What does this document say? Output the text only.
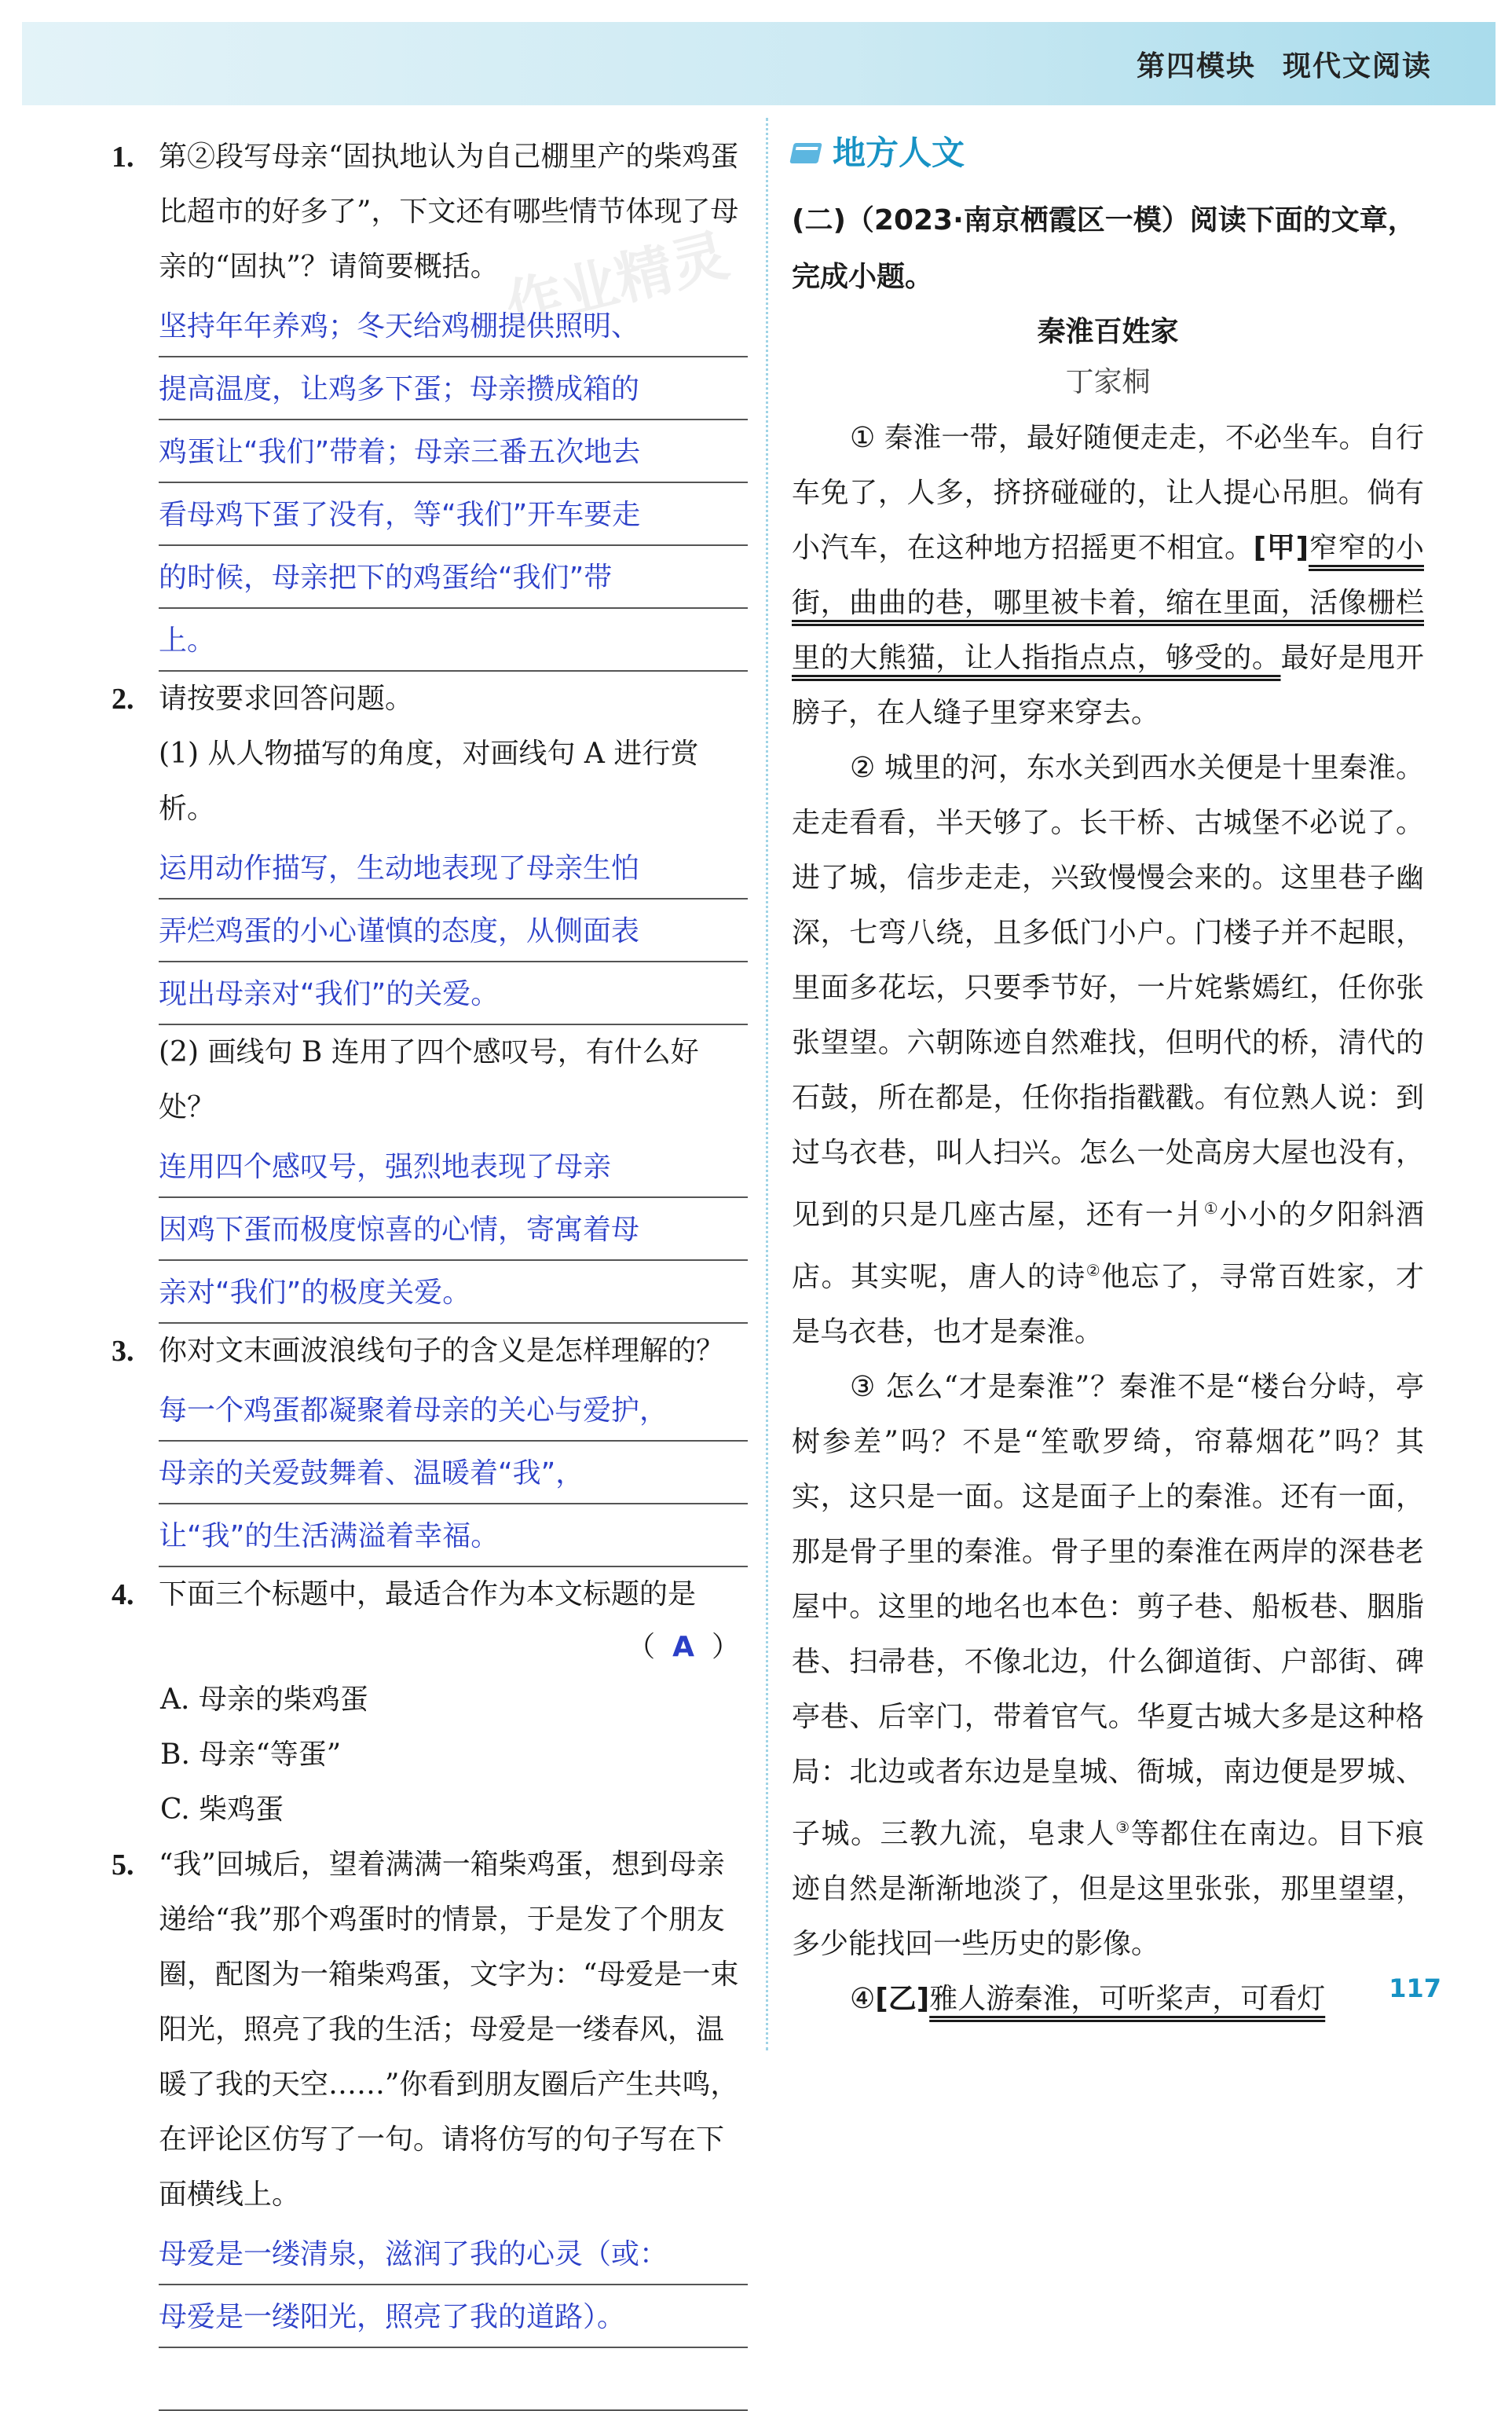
第四模块 现代文阅读
作业精灵
1. 第②段写母亲“固执地认为自己棚里产的柴鸡蛋比超市的好多了”，下文还有哪些情节体现了母亲的“固执”？请简要概括。
坚持年年养鸡；冬天给鸡棚提供照明、
提高温度，让鸡多下蛋；母亲攒成箱的
鸡蛋让“我们”带着；母亲三番五次地去
看母鸡下蛋了没有，等“我们”开车要走
的时候，母亲把下的鸡蛋给“我们”带
上。
2. 请按要求回答问题。
(1) 从人物描写的角度，对画线句 A 进行赏析。
运用动作描写，生动地表现了母亲生怕
弄烂鸡蛋的小心谨慎的态度，从侧面表
现出母亲对“我们”的关爱。
(2) 画线句 B 连用了四个感叹号，有什么好处？
连用四个感叹号，强烈地表现了母亲
因鸡下蛋而极度惊喜的心情，寄寓着母
亲对“我们”的极度关爱。
3. 你对文末画波浪线句子的含义是怎样理解的？
每一个鸡蛋都凝聚着母亲的关心与爱护，
母亲的关爱鼓舞着、温暖着“我”，
让“我”的生活满溢着幸福。
4. 下面三个标题中，最适合作为本文标题的是
（ A ）
A. 母亲的柴鸡蛋
B. 母亲“等蛋”
C. 柴鸡蛋
5. “我”回城后，望着满满一箱柴鸡蛋，想到母亲递给“我”那个鸡蛋时的情景，于是发了个朋友圈，配图为一箱柴鸡蛋，文字为：“母爱是一束阳光，照亮了我的生活；母爱是一缕春风，温暖了我的天空……”你看到朋友圈后产生共鸣，在评论区仿写了一句。请将仿写的句子写在下面横线上。
母爱是一缕清泉，滋润了我的心灵（或：
母爱是一缕阳光，照亮了我的道路）。
地方人文
(二)（2023·南京栖霞区一模）阅读下面的文章，完成小题。
秦淮百姓家
丁家桐

① 秦淮一带，最好随便走走，不必坐车。自行车免了，人多，挤挤碰碰的，让人提心吊胆。倘有小汽车，在这种地方招摇更不相宜。[甲]窄窄的小街，曲曲的巷，哪里被卡着，缩在里面，活像栅栏里的大熊猫，让人指指点点，够受的。最好是甩开膀子，在人缝子里穿来穿去。

② 城里的河，东水关到西水关便是十里秦淮。走走看看，半天够了。长干桥、古城堡不必说了。进了城，信步走走，兴致慢慢会来的。这里巷子幽深，七弯八绕，且多低门小户。门楼子并不起眼，里面多花坛，只要季节好，一片姹紫嫣红，任你张张望望。六朝陈迹自然难找，但明代的桥，清代的石鼓，所在都是，任你指指戳戳。有位熟人说：到过乌衣巷，叫人扫兴。怎么一处高房大屋也没有，见到的只是几座古屋，还有一爿①小小的夕阳斜酒店。其实呢，唐人的诗②他忘了，寻常百姓家，才是乌衣巷，也才是秦淮。

③ 怎么“才是秦淮”？秦淮不是“楼台分峙，亭树参差”吗？不是“笙歌罗绮，帘幕烟花”吗？其实，这只是一面。这是面子上的秦淮。还有一面，那是骨子里的秦淮。骨子里的秦淮在两岸的深巷老屋中。这里的地名也本色：剪子巷、船板巷、胭脂巷、扫帚巷，不像北边，什么御道街、户部街、碑亭巷、后宰门，带着官气。华夏古城大多是这种格局：北边或者东边是皇城、衙城，南边便是罗城、子城。三教九流，皂隶人③等都住在南边。目下痕迹自然是渐渐地淡了，但是这里张张，那里望望，多少能找回一些历史的影像。

④[乙]雅人游秦淮，可听桨声，可看灯	117
